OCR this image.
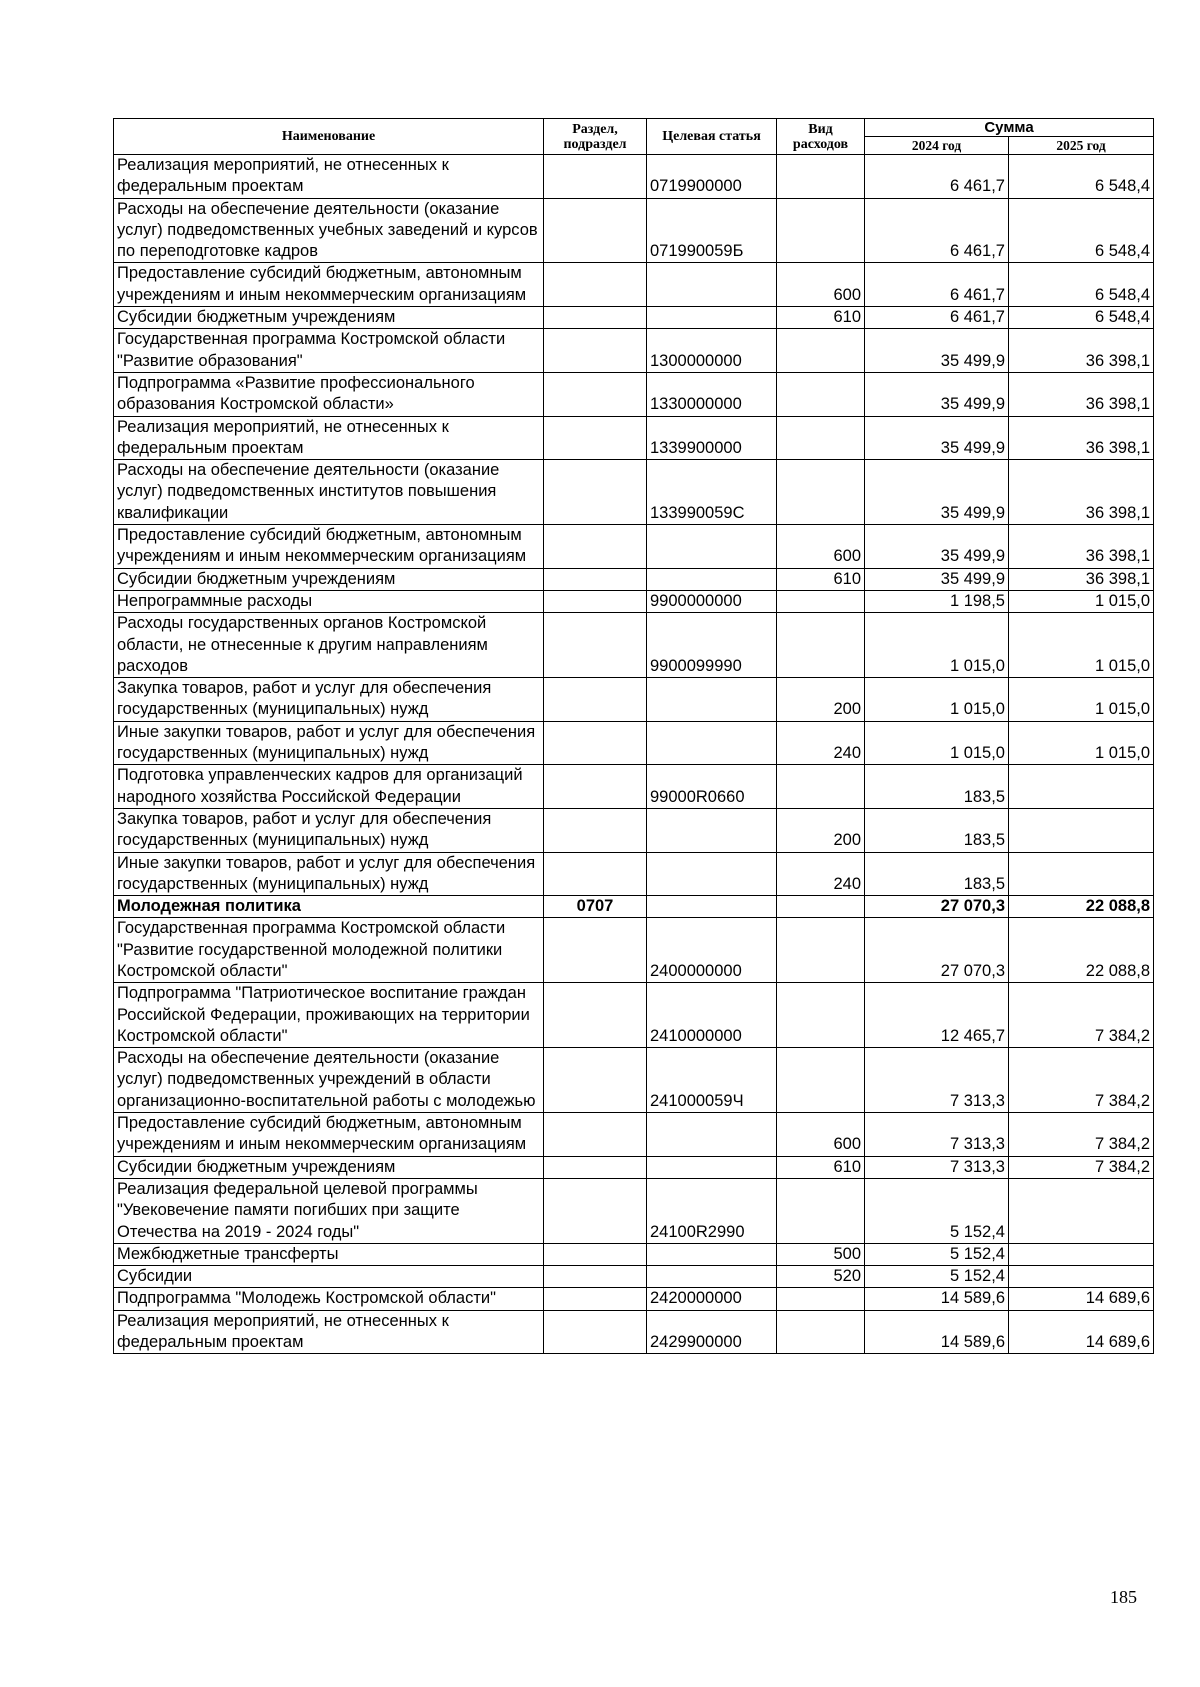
Наименование	Раздел, подраздел	Целевая статья	Вид расходов	Сумма	
				2024 год	2025 год
Реализация мероприятий, не отнесенных к федеральным проектам		0719900000		6 461,7	6 548,4
Расходы на обеспечение деятельности (оказание услуг) подведомственных учебных заведений и курсов по переподготовке кадров		071990059Б		6 461,7	6 548,4
Предоставление субсидий бюджетным, автономным учреждениям и иным некоммерческим организациям			600	6 461,7	6 548,4
Субсидии бюджетным учреждениям			610	6 461,7	6 548,4
Государственная программа Костромской области "Развитие образования"		1300000000		35 499,9	36 398,1
Подпрограмма «Развитие профессионального образования Костромской области»		1330000000		35 499,9	36 398,1
Реализация мероприятий, не отнесенных к федеральным проектам		1339900000		35 499,9	36 398,1
Расходы на обеспечение деятельности (оказание услуг) подведомственных институтов повышения квалификации		133990059С		35 499,9	36 398,1
Предоставление субсидий бюджетным, автономным учреждениям и иным некоммерческим организациям			600	35 499,9	36 398,1
Субсидии бюджетным учреждениям			610	35 499,9	36 398,1
Непрограммные расходы		9900000000		1 198,5	1 015,0
Расходы государственных органов Костромской области, не отнесенные к другим направлениям расходов		9900099990		1 015,0	1 015,0
Закупка товаров, работ и услуг для обеспечения государственных (муниципальных) нужд			200	1 015,0	1 015,0
Иные закупки товаров, работ и услуг для обеспечения государственных (муниципальных) нужд			240	1 015,0	1 015,0
Подготовка управленческих кадров для организаций народного хозяйства Российской Федерации		99000R0660		183,5	
Закупка товаров, работ и услуг для обеспечения государственных (муниципальных) нужд			200	183,5	
Иные закупки товаров, работ и услуг для обеспечения государственных (муниципальных) нужд			240	183,5	
Молодежная политика	0707			27 070,3	22 088,8
Государственная программа Костромской области "Развитие государственной молодежной политики Костромской области"		2400000000		27 070,3	22 088,8
Подпрограмма "Патриотическое воспитание граждан Российской Федерации, проживающих на территории Костромской области"		2410000000		12 465,7	7 384,2
Расходы на обеспечение деятельности (оказание услуг) подведомственных учреждений в области организационно-воспитательной работы с молодежью		241000059Ч		7 313,3	7 384,2
Предоставление субсидий бюджетным, автономным учреждениям и иным некоммерческим организациям			600	7 313,3	7 384,2
Субсидии бюджетным учреждениям			610	7 313,3	7 384,2
Реализация федеральной целевой программы "Увековечение памяти погибших при защите Отечества на 2019 - 2024 годы"		24100R2990		5 152,4	
Межбюджетные трансферты			500	5 152,4	
Субсидии			520	5 152,4	
Подпрограмма "Молодежь Костромской области"		2420000000		14 589,6	14 689,6
Реализация мероприятий, не отнесенных к федеральным проектам		2429900000		14 589,6	14 689,6
185
